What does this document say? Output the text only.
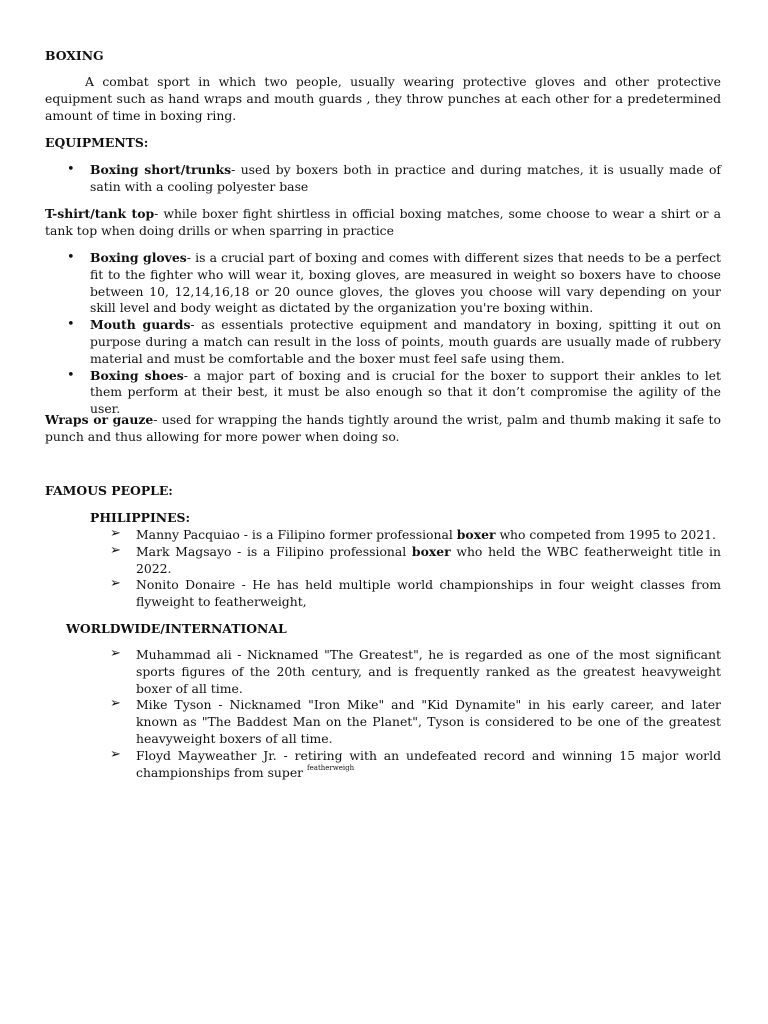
BOXING

A combat sport in which two people, usually wearing protective gloves and other protective equipment such as hand wraps and mouth guards , they throw punches at each other for a predetermined amount of time in boxing ring.

EQUIPMENTS:

• Boxing short/trunks- used by boxers both in practice and during matches, it is usually made of satin with a cooling polyester base

T-shirt/tank top- while boxer fight shirtless in official boxing matches, some choose to wear a shirt or a tank top when doing drills or when sparring in practice

• Boxing gloves- is a crucial part of boxing and comes with different sizes that needs to be a perfect fit to the fighter who will wear it, boxing gloves, are measured in weight so boxers have to choose between 10, 12,14,16,18 or 20 ounce gloves, the gloves you choose will vary depending on your skill level and body weight as dictated by the organization you're boxing within.
• Mouth guards- as essentials protective equipment and mandatory in boxing, spitting it out on purpose during a match can result in the loss of points, mouth guards are usually made of rubbery material and must be comfortable and the boxer must feel safe using them.
• Boxing shoes- a major part of boxing and is crucial for the boxer to support their ankles to let them perform at their best, it must be also enough so that it don’t compromise the agility of the user.

Wraps or gauze- used for wrapping the hands tightly around the wrist, palm and thumb making it safe to punch and thus allowing for more power when doing so.

FAMOUS PEOPLE:

PHILIPPINES:

➢ Manny Pacquiao - is a Filipino former professional boxer who competed from 1995 to 2021.
➢ Mark Magsayo - is a Filipino professional boxer who held the WBC featherweight title in 2022.
➢ Nonito Donaire - He has held multiple world championships in four weight classes from flyweight to featherweight,

WORLDWIDE/INTERNATIONAL

➢ Muhammad ali - Nicknamed "The Greatest", he is regarded as one of the most significant sports figures of the 20th century, and is frequently ranked as the greatest heavyweight boxer of all time.
➢ Mike Tyson - Nicknamed "Iron Mike" and "Kid Dynamite" in his early career, and later known as "The Baddest Man on the Planet", Tyson is considered to be one of the greatest heavyweight boxers of all time.
➢ Floyd Mayweather Jr. - retiring with an undefeated record and winning 15 major world championships from super $^{featherweigh}$
